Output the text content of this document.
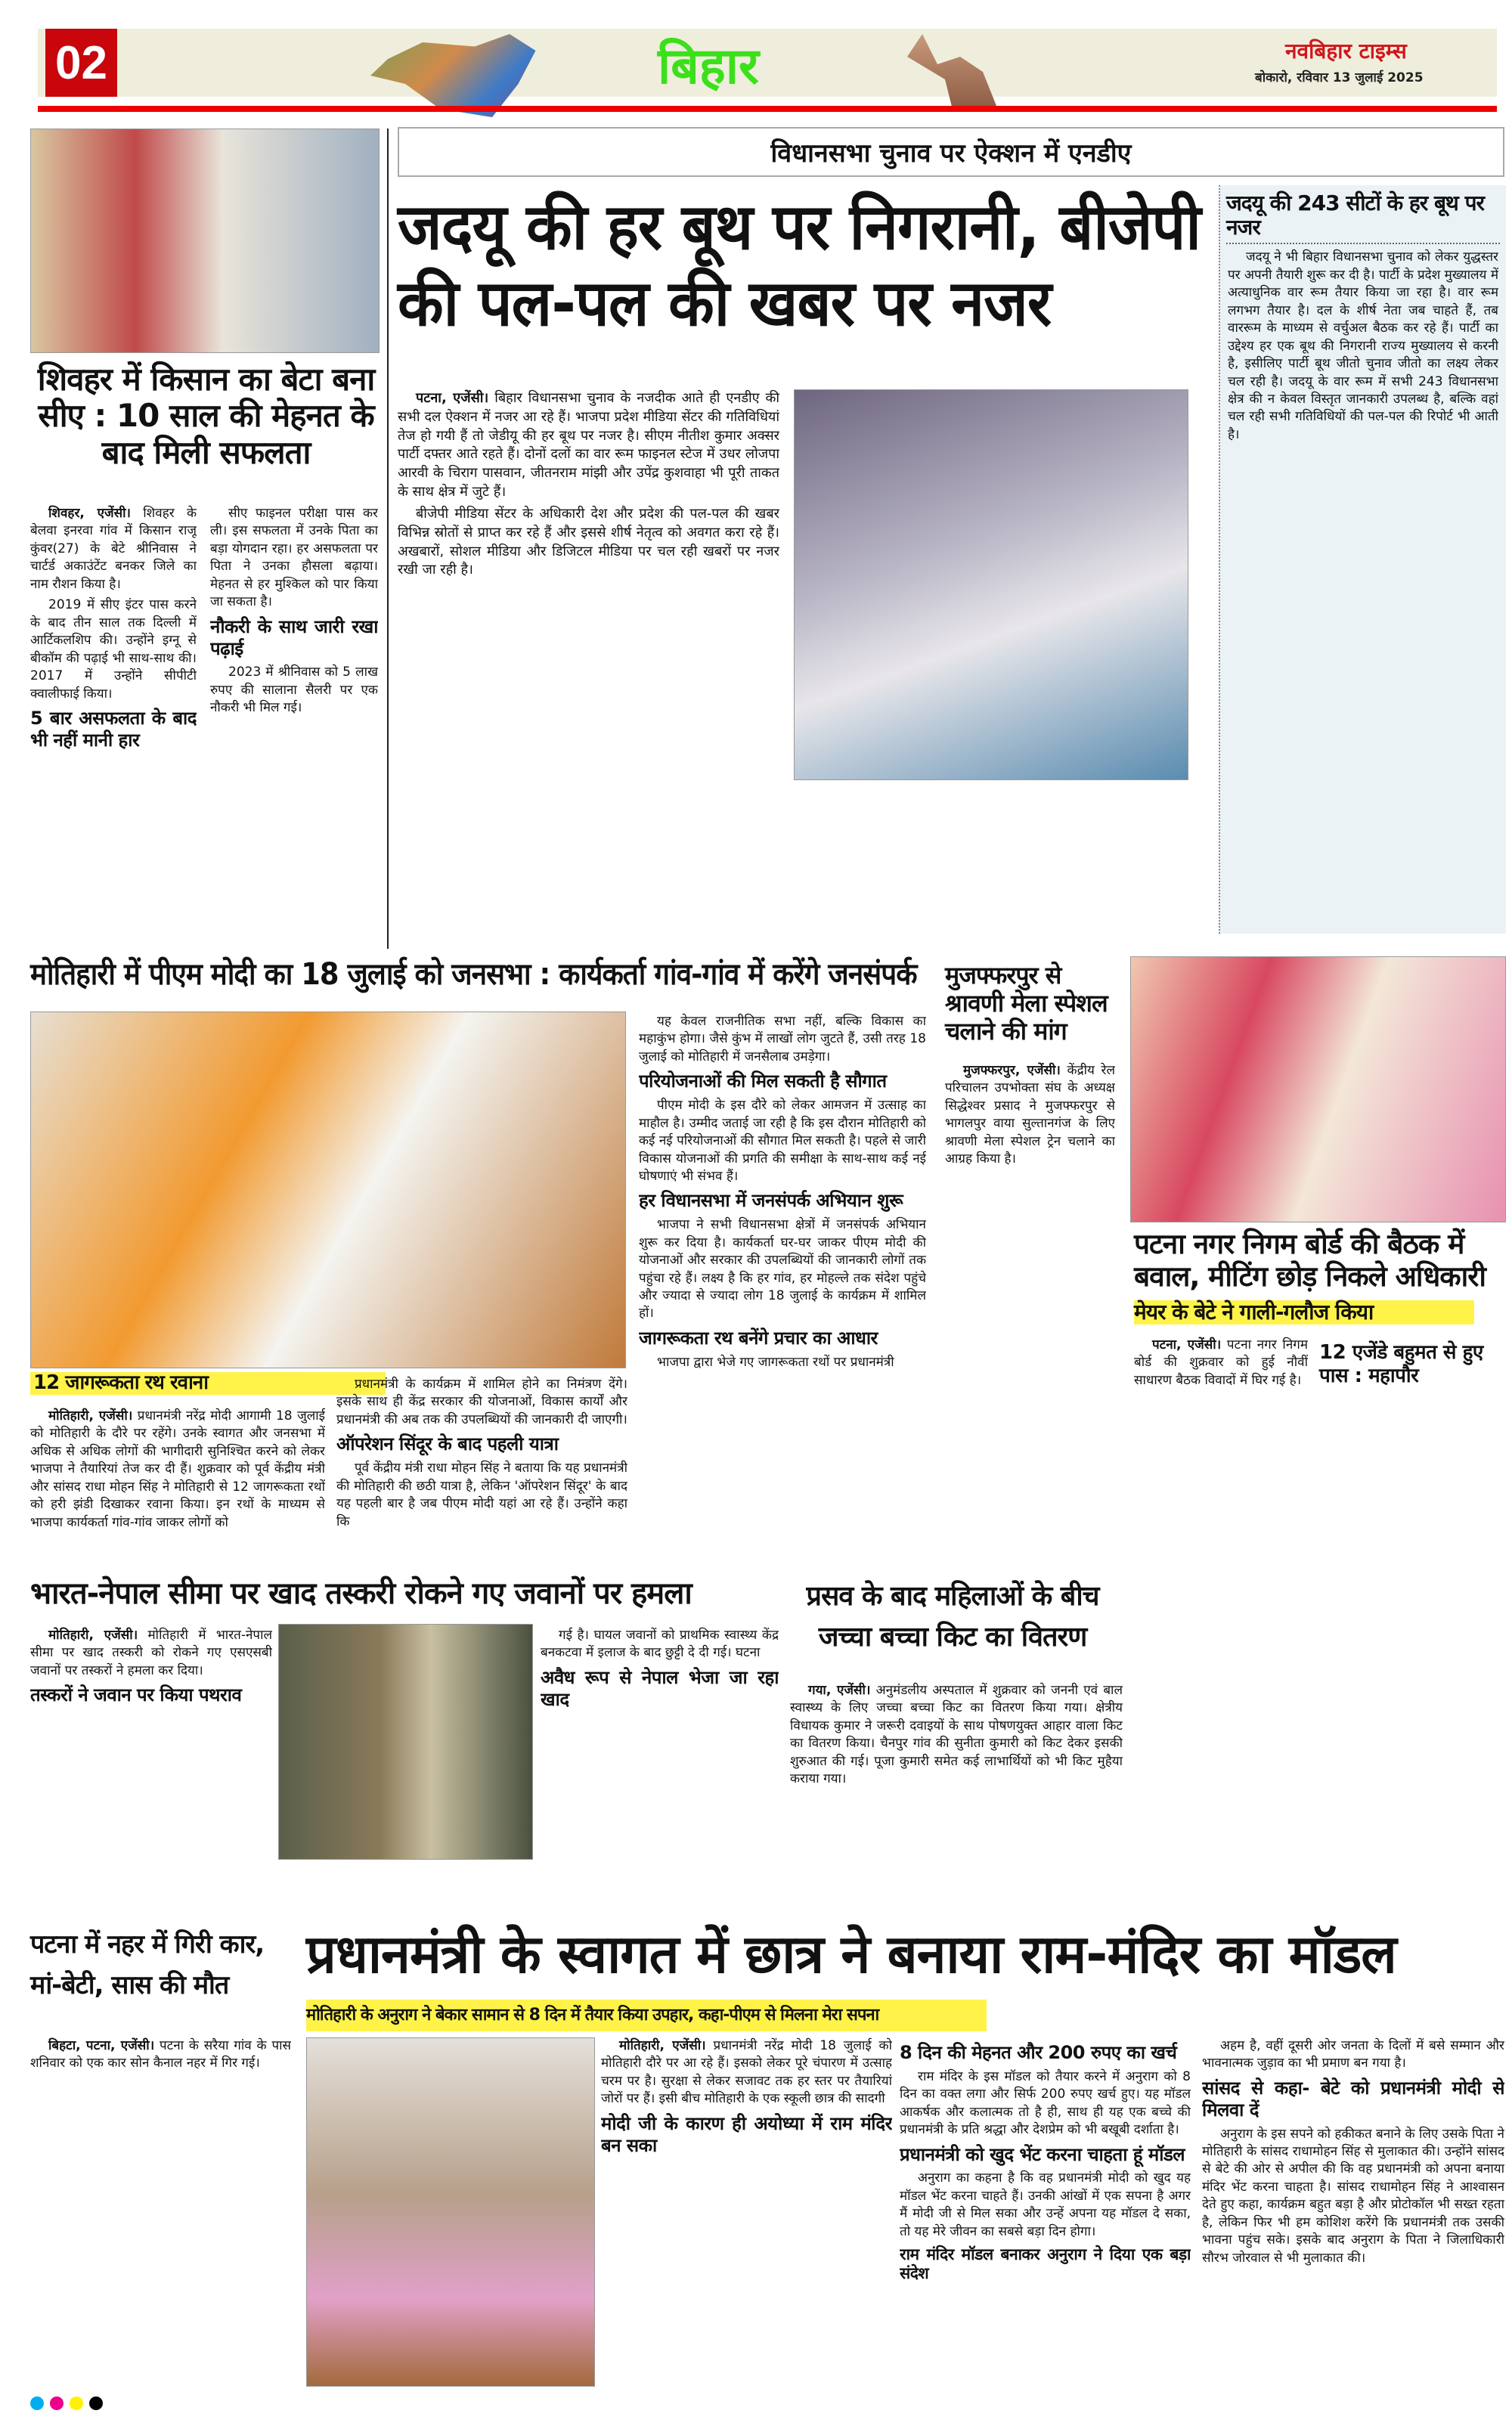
02	बिहार	नवबिहार टाइम्स
बोकारो, रविवार 13 जुलाई 2025
शिवहर में किसान का बेटा बना सीए : 10 साल की मेहनत के बाद मिली सफलता

शिवहर, एजेंसी। शिवहर के बेलवा इनरवा गांव में किसान राजू कुंवर(27) के बेटे श्रीनिवास ने चार्टर्ड अकाउंटेंट बनकर जिले का नाम रौशन किया है।

2019 में सीए इंटर पास करने के बाद तीन साल तक दिल्ली में आर्टिकलशिप की। उन्होंने इग्नू से बीकॉम की पढ़ाई भी साथ-साथ की। 2017 में उन्होंने सीपीटी क्वालीफाई किया।

5 बार असफलता के बाद भी नहीं मानी हार

सीए फाइनल परीक्षा पास कर ली। इस सफलता में उनके पिता का बड़ा योगदान रहा। हर असफलता पर पिता ने उनका हौसला बढ़ाया। मेहनत से हर मुश्किल को पार किया जा सकता है।

नौकरी के साथ जारी रखा पढ़ाई

2023 में श्रीनिवास को 5 लाख रुपए की सालाना सैलरी पर एक नौकरी भी मिल गई।

विधानसभा चुनाव पर ऐक्शन में एनडीए
जदयू की हर बूथ पर निगरानी, बीजेपी की पल-पल की खबर पर नजर

पटना, एजेंसी। बिहार विधानसभा चुनाव के नजदीक आते ही एनडीए की सभी दल ऐक्शन में नजर आ रहे हैं। भाजपा प्रदेश मीडिया सेंटर की गतिविधियां तेज हो गयी हैं तो जेडीयू की हर बूथ पर नजर है। सीएम नीतीश कुमार अक्सर पार्टी दफ्तर आते रहते हैं। दोनों दलों का वार रूम फाइनल स्टेज में उधर लोजपा आरवी के चिराग पासवान, जीतनराम मांझी और उपेंद्र कुशवाहा भी पूरी ताकत के साथ क्षेत्र में जुटे हैं।

बीजेपी मीडिया सेंटर के अधिकारी देश और प्रदेश की पल-पल की खबर विभिन्न स्रोतों से प्राप्त कर रहे हैं और इससे शीर्ष नेतृत्व को अवगत करा रहे हैं। अखबारों, सोशल मीडिया और डिजिटल मीडिया पर चल रही खबरों पर नजर रखी जा रही है।

जदयू की 243 सीटों के हर बूथ पर नजर

जदयू ने भी बिहार विधानसभा चुनाव को लेकर युद्धस्तर पर अपनी तैयारी शुरू कर दी है। पार्टी के प्रदेश मुख्यालय में अत्याधुनिक वार रूम तैयार किया जा रहा है। वार रूम लगभग तैयार है। दल के शीर्ष नेता जब चाहते हैं, तब वाररूम के माध्यम से वर्चुअल बैठक कर रहे हैं। पार्टी का उद्देश्य हर एक बूथ की निगरानी राज्य मुख्यालय से करनी है, इसीलिए पार्टी बूथ जीतो चुनाव जीतो का लक्ष्य लेकर चल रही है। जदयू के वार रूम में सभी 243 विधानसभा क्षेत्र की न केवल विस्तृत जानकारी उपलब्ध है, बल्कि वहां चल रही सभी गतिविधियों की पल-पल की रिपोर्ट भी आती है।

मोतिहारी में पीएम मोदी का 18 जुलाई को जनसभा : कार्यकर्ता गांव-गांव में करेंगे जनसंपर्क
12 जागरूकता रथ रवाना

मोतिहारी, एजेंसी। प्रधानमंत्री नरेंद्र मोदी आगामी 18 जुलाई को मोतिहारी के दौरे पर रहेंगे। उनके स्वागत और जनसभा में अधिक से अधिक लोगों की भागीदारी सुनिश्चित करने को लेकर भाजपा ने तैयारियां तेज कर दी हैं। शुक्रवार को पूर्व केंद्रीय मंत्री और सांसद राधा मोहन सिंह ने मोतिहारी से 12 जागरूकता रथों को हरी झंडी दिखाकर रवाना किया। इन रथों के माध्यम से भाजपा कार्यकर्ता गांव-गांव जाकर लोगों को

प्रधानमंत्री के कार्यक्रम में शामिल होने का निमंत्रण देंगे। इसके साथ ही केंद्र सरकार की योजनाओं, विकास कार्यों और प्रधानमंत्री की अब तक की उपलब्धियों की जानकारी दी जाएगी।

ऑपरेशन सिंदूर के बाद पहली यात्रा

पूर्व केंद्रीय मंत्री राधा मोहन सिंह ने बताया कि यह प्रधानमंत्री की मोतिहारी की छठी यात्रा है, लेकिन 'ऑपरेशन सिंदूर' के बाद यह पहली बार है जब पीएम मोदी यहां आ रहे हैं। उन्होंने कहा कि

यह केवल राजनीतिक सभा नहीं, बल्कि विकास का महाकुंभ होगा। जैसे कुंभ में लाखों लोग जुटते हैं, उसी तरह 18 जुलाई को मोतिहारी में जनसैलाब उमड़ेगा।

परियोजनाओं की मिल सकती है सौगात

पीएम मोदी के इस दौरे को लेकर आमजन में उत्साह का माहौल है। उम्मीद जताई जा रही है कि इस दौरान मोतिहारी को कई नई परियोजनाओं की सौगात मिल सकती है। पहले से जारी विकास योजनाओं की प्रगति की समीक्षा के साथ-साथ कई नई घोषणाएं भी संभव हैं।

हर विधानसभा में जनसंपर्क अभियान शुरू

भाजपा ने सभी विधानसभा क्षेत्रों में जनसंपर्क अभियान शुरू कर दिया है। कार्यकर्ता घर-घर जाकर पीएम मोदी की योजनाओं और सरकार की उपलब्धियों की जानकारी लोगों तक पहुंचा रहे हैं। लक्ष्य है कि हर गांव, हर मोहल्ले तक संदेश पहुंचे और ज्यादा से ज्यादा लोग 18 जुलाई के कार्यक्रम में शामिल हों।

जागरूकता रथ बनेंगे प्रचार का आधार

भाजपा द्वारा भेजे गए जागरूकता रथों पर प्रधानमंत्री

मुजफ्फरपुर से श्रावणी मेला स्पेशल चलाने की मांग

मुजफ्फरपुर, एजेंसी। केंद्रीय रेल परिचालन उपभोक्ता संघ के अध्यक्ष सिद्धेश्वर प्रसाद ने मुजफ्फरपुर से भागलपुर वाया सुल्तानगंज के लिए श्रावणी मेला स्पेशल ट्रेन चलाने का आग्रह किया है।

पटना नगर निगम बोर्ड की बैठक में बवाल, मीटिंग छोड़ निकले अधिकारी
मेयर के बेटे ने गाली-गलौज किया

पटना, एजेंसी। पटना नगर निगम बोर्ड की शुक्रवार को हुई नौवीं साधारण बैठक विवादों में घिर गई है।

12 एजेंडे बहुमत से हुए पास : महापौर
भारत-नेपाल सीमा पर खाद तस्करी रोकने गए जवानों पर हमला

मोतिहारी, एजेंसी। मोतिहारी में भारत-नेपाल सीमा पर खाद तस्करी को रोकने गए एसएसबी जवानों पर तस्करों ने हमला कर दिया।

तस्करों ने जवान पर किया पथराव

गई है। घायल जवानों को प्राथमिक स्वास्थ्य केंद्र बनकटवा में इलाज के बाद छुट्टी दे दी गई। घटना

अवैध रूप से नेपाल भेजा जा रहा खाद
प्रसव के बाद महिलाओं के बीच जच्चा बच्चा किट का वितरण

गया, एजेंसी। अनुमंडलीय अस्पताल में शुक्रवार को जननी एवं बाल स्वास्थ्य के लिए जच्चा बच्चा किट का वितरण किया गया। क्षेत्रीय विधायक कुमार ने जरूरी दवाइयों के साथ पोषणयुक्त आहार वाला किट का वितरण किया। चैनपुर गांव की सुनीता कुमारी को किट देकर इसकी शुरुआत की गई। पूजा कुमारी समेत कई लाभार्थियों को भी किट मुहैया कराया गया।

पटना में नहर में गिरी कार, मां-बेटी, सास की मौत

बिहटा, पटना, एजेंसी। पटना के सरैया गांव के पास शनिवार को एक कार सोन कैनाल नहर में गिर गई।

प्रधानमंत्री के स्वागत में छात्र ने बनाया राम-मंदिर का मॉडल
मोतिहारी के अनुराग ने बेकार सामान से 8 दिन में तैयार किया उपहार, कहा-पीएम से मिलना मेरा सपना

मोतिहारी, एजेंसी। प्रधानमंत्री नरेंद्र मोदी 18 जुलाई को मोतिहारी दौरे पर आ रहे हैं। इसको लेकर पूरे चंपारण में उत्साह चरम पर है। सुरक्षा से लेकर सजावट तक हर स्तर पर तैयारियां जोरों पर हैं। इसी बीच मोतिहारी के एक स्कूली छात्र की सादगी

मोदी जी के कारण ही अयोध्या में राम मंदिर बन सका
8 दिन की मेहनत और 200 रुपए का खर्च

राम मंदिर के इस मॉडल को तैयार करने में अनुराग को 8 दिन का वक्त लगा और सिर्फ 200 रुपए खर्च हुए। यह मॉडल आकर्षक और कलात्मक तो है ही, साथ ही यह एक बच्चे की प्रधानमंत्री के प्रति श्रद्धा और देशप्रेम को भी बखूबी दर्शाता है।

प्रधानमंत्री को खुद भेंट करना चाहता हूं मॉडल

अनुराग का कहना है कि वह प्रधानमंत्री मोदी को खुद यह मॉडल भेंट करना चाहते हैं। उनकी आंखों में एक सपना है अगर मैं मोदी जी से मिल सका और उन्हें अपना यह मॉडल दे सका, तो यह मेरे जीवन का सबसे बड़ा दिन होगा।

राम मंदिर मॉडल बनाकर अनुराग ने दिया एक बड़ा संदेश

अहम है, वहीं दूसरी ओर जनता के दिलों में बसे सम्मान और भावनात्मक जुड़ाव का भी प्रमाण बन गया है।

सांसद से कहा- बेटे को प्रधानमंत्री मोदी से मिलवा दें

अनुराग के इस सपने को हकीकत बनाने के लिए उसके पिता ने मोतिहारी के सांसद राधामोहन सिंह से मुलाकात की। उन्होंने सांसद से बेटे की ओर से अपील की कि वह प्रधानमंत्री को अपना बनाया मंदिर भेंट करना चाहता है। सांसद राधामोहन सिंह ने आश्वासन देते हुए कहा, कार्यक्रम बहुत बड़ा है और प्रोटोकॉल भी सख्त रहता है, लेकिन फिर भी हम कोशिश करेंगे कि प्रधानमंत्री तक उसकी भावना पहुंच सके। इसके बाद अनुराग के पिता ने जिलाधिकारी सौरभ जोरवाल से भी मुलाकात की।
